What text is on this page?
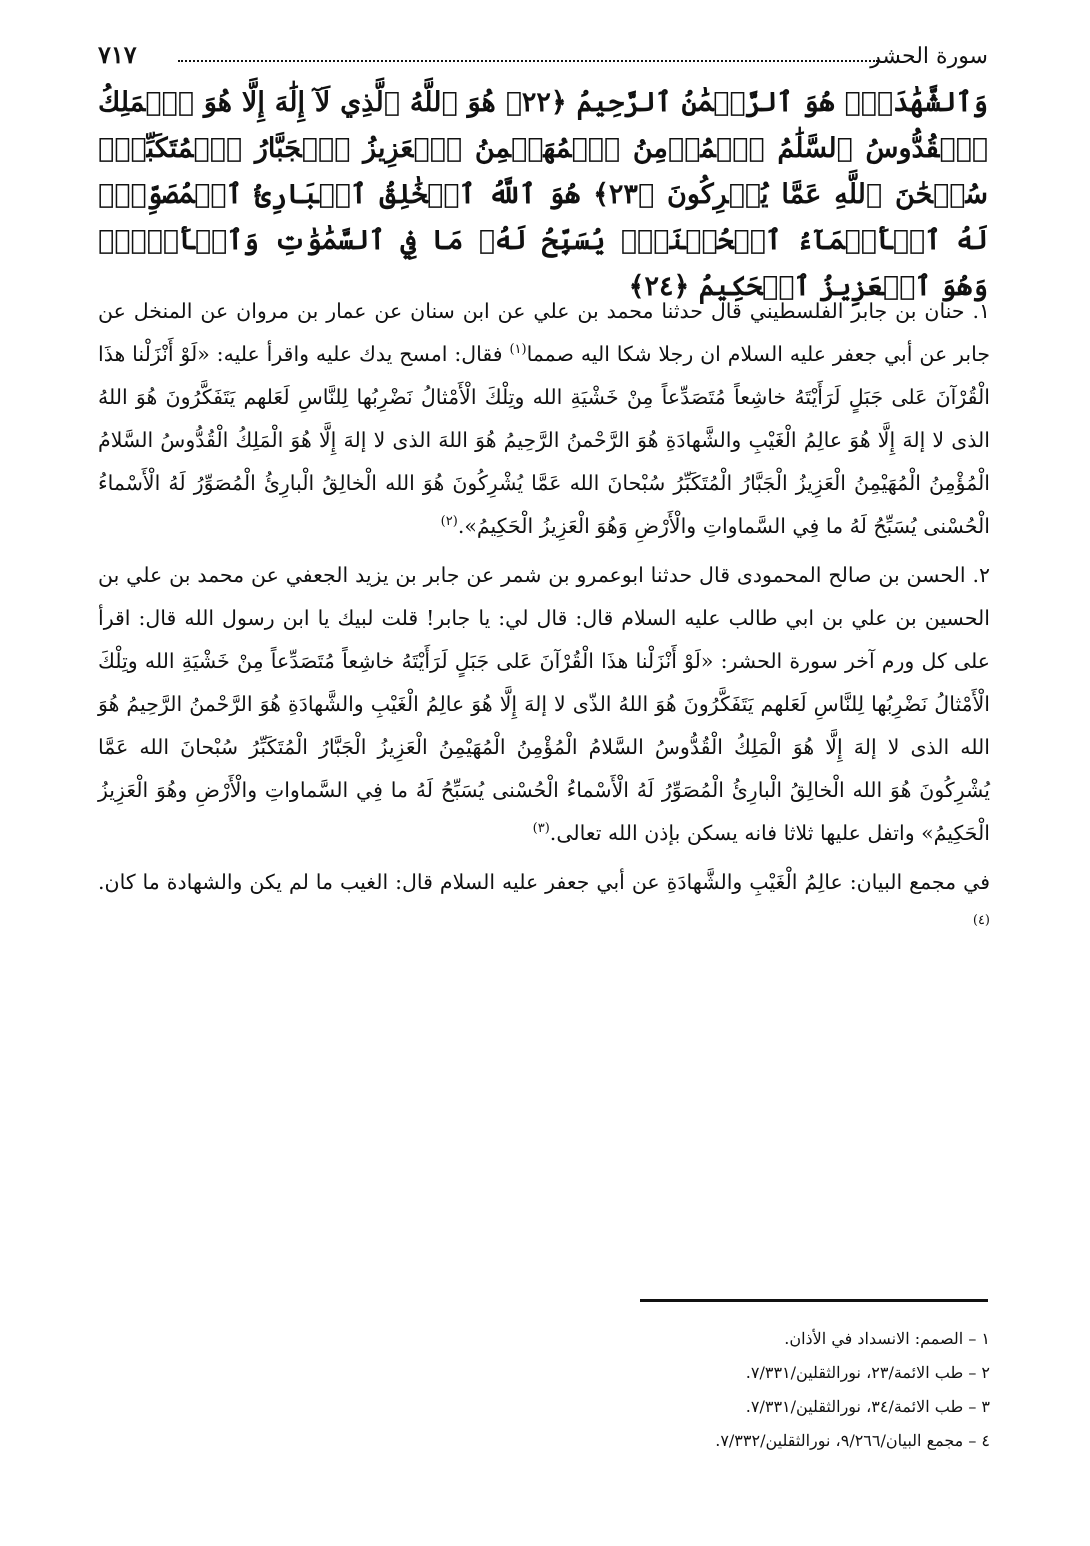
سورة الحشر
٧١٧
وَٱلشَّهَٰدَةِۖ هُوَ ٱلرَّحۡمَٰنُ ٱلرَّحِيمُ ﴿٢٢﴾ هُوَ ٱللَّهُ ٱلَّذِي لَآ إِلَٰهَ إِلَّا هُوَ ٱلۡمَلِكُ ٱلۡقُدُّوسُ ٱلسَّلَٰمُ ٱلۡمُؤۡمِنُ ٱلۡمُهَيۡمِنُ ٱلۡعَزِيزُ ٱلۡجَبَّارُ ٱلۡمُتَكَبِّرُۚ سُبۡحَٰنَ ٱللَّهِ عَمَّا يُشۡرِكُونَ ﴿٢٣﴾ هُوَ ٱللَّهُ ٱلۡخَٰلِقُ ٱلۡبَارِئُ ٱلۡمُصَوِّرُۖ لَهُ ٱلۡأَسۡمَآءُ ٱلۡحُسۡنَىٰۚ يُسَبِّحُ لَهُۥ مَا فِي ٱلسَّمَٰوَٰتِ وَٱلۡأَرۡضِۖ وَهُوَ ٱلۡعَزِيزُ ٱلۡحَكِيمُ ﴿٢٤﴾

١. حنان بن جابر الفلسطيني قال حدثنا محمد بن علي عن ابن سنان عن عمار بن مروان عن المنخل عن جابر عن أبي جعفر عليه السلام ان رجلا شكا اليه صمما$^{(١)}$ فقال: امسح يدك عليه واقرأ عليه: «لَوْ أَنْزَلْنا هذَا الْقُرْآنَ عَلى جَبَلٍ لَرَأَيْتَهُ خاشِعاً مُتَصَدِّعاً مِنْ خَشْيَةِ الله وتِلْكَ الْأَمْثالُ نَضْرِبُها لِلنَّاسِ لَعَلهم يَتَفَكَّرُونَ هُوَ اللهُ الذى لا إلهَ إِلَّا هُوَ عالِمُ الْغَيْبِ والشَّهادَةِ هُوَ الرَّحْمنُ الرَّحِيمُ هُوَ اللهَ الذى لا إلهَ إِلَّا هُوَ الْمَلِكُ الْقُدُّوسُ السَّلامُ الْمُؤْمِنُ الْمُهَيْمِنُ الْعَزِيزُ الْجَبَّارُ الْمُتَكَبِّرُ سُبْحانَ الله عَمَّا يُشْرِكُونَ هُوَ الله الْخالِقُ الْبارِئُ الْمُصَوِّرُ لَهُ الْأَسْماءُ الْحُسْنى يُسَبِّحُ لَهُ ما فِي السَّماواتِ والْأَرْضِ وَهُوَ الْعَزِيزُ الْحَكِيمُ».$^{(٢)}$

٢. الحسن بن صالح المحمودى قال حدثنا ابوعمرو بن شمر عن جابر بن يزيد الجعفي عن محمد بن علي بن الحسين بن علي بن ابي طالب عليه السلام قال: قال لي: يا جابر! قلت لبيك يا ابن رسول الله قال: اقرأ على كل ورم آخر سورة الحشر: «لَوْ أَنْزَلْنا هذَا الْقُرْآنَ عَلى جَبَلٍ لَرَأَيْتَهُ خاشِعاً مُتَصَدِّعاً مِنْ خَشْيَةِ الله وتِلْكَ الْأَمْثالُ نَضْرِبُها لِلنَّاسِ لَعَلهم يَتَفَكَّرُونَ هُوَ اللهُ الذّى لا إلهَ إِلَّا هُوَ عالِمُ الْغَيْبِ والشَّهادَةِ هُوَ الرَّحْمنُ الرَّحِيمُ هُوَ الله الذى لا إلهَ إِلَّا هُوَ الْمَلِكُ الْقُدُّوسُ السَّلامُ الْمُؤْمِنُ الْمُهَيْمِنُ الْعَزِيزُ الْجَبَّارُ الْمُتَكَبِّرُ سُبْحانَ الله عَمَّا يُشْرِكُونَ هُوَ الله الْخالِقُ الْبارِئُ الْمُصَوِّرُ لَهُ الْأَسْماءُ الْحُسْنى يُسَبِّحُ لَهُ ما فِي السَّماواتِ والْأَرْضِ وهُوَ الْعَزِيزُ الْحَكِيمُ» واتفل عليها ثلاثا فانه يسكن بإذن الله تعالى.$^{(٣)}$

في مجمع البيان: عالِمُ الْغَيْبِ والشَّهادَةِ عن أبي جعفر عليه السلام قال: الغيب ما لم يكن والشهادة ما كان.$^{(٤)}$

١ – الصمم: الانسداد في الأذان.
٢ – طب الائمة/٢٣، نورالثقلين/٧/٣٣١.
٣ – طب الائمة/٣٤، نورالثقلين/٧/٣٣١.
٤ – مجمع البيان/٩/٢٦٦، نورالثقلين/٧/٣٣٢.
